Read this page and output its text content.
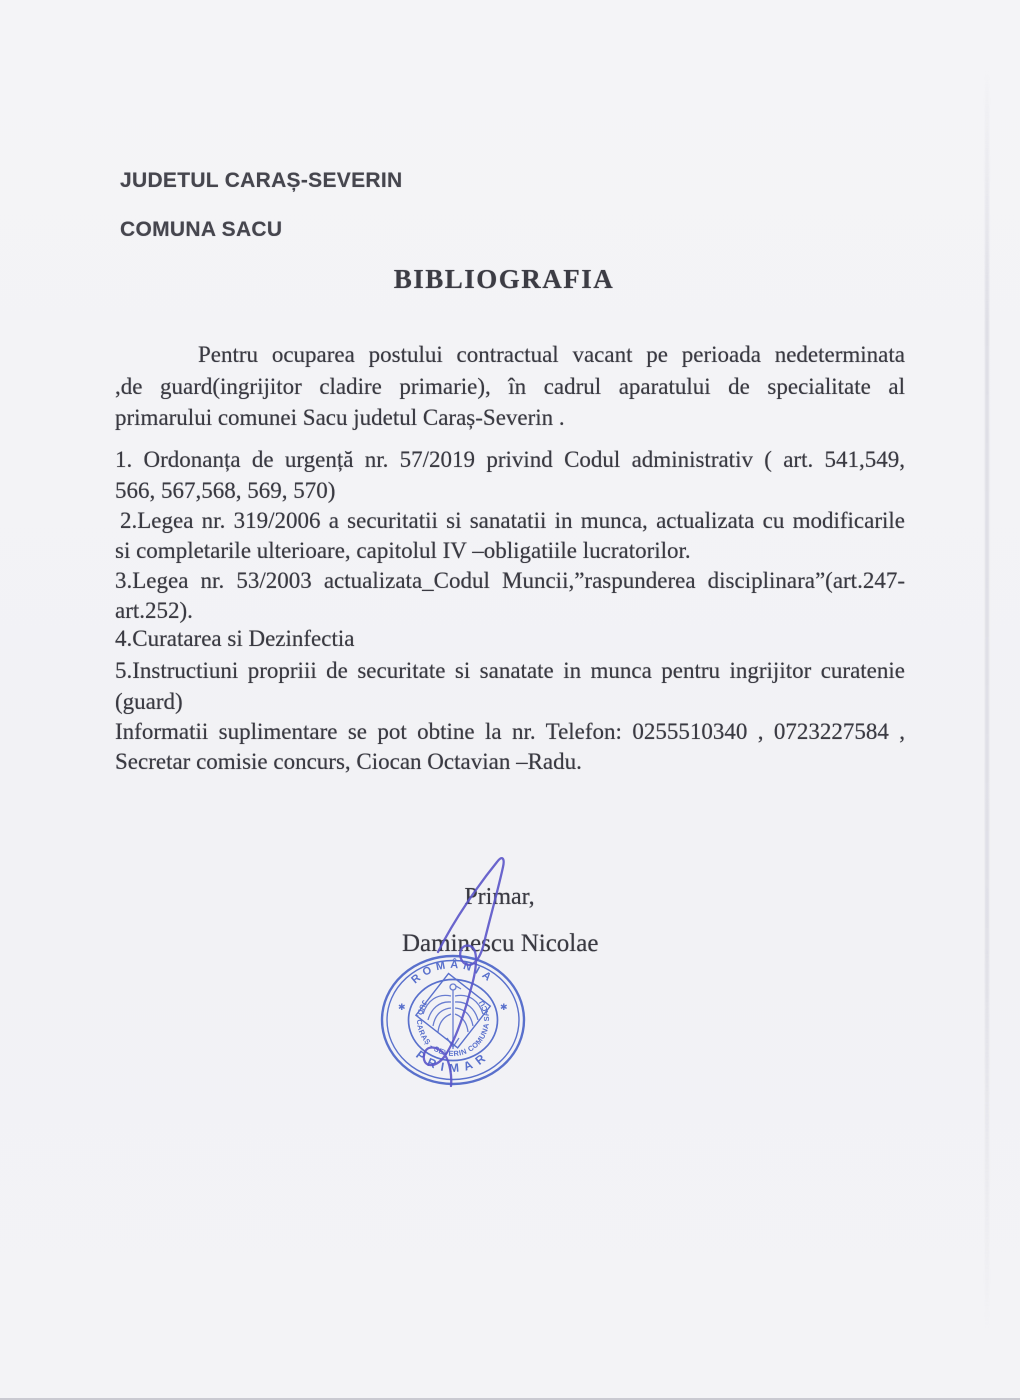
JUDETUL CARAȘ-SEVERIN
COMUNA SACU
BIBLIOGRAFIA
Pentru ocuparea postului contractual vacant pe perioada nedeterminata
,de guard(ingrijitor cladire primarie), în cadrul aparatului de specialitate al
primarului comunei Sacu judetul Caraș-Severin .
1. Ordonanța de urgență nr. 57/2019 privind Codul administrativ ( art. 541,549,
566, 567,568, 569, 570)
2.Legea nr. 319/2006 a securitatii si sanatatii in munca, actualizata cu modificarile
si completarile ulterioare, capitolul IV –obligatiile lucratorilor.
3.Legea nr. 53/2003 actualizata_Codul Muncii,”raspunderea disciplinara”(art.247-
art.252).
4.Curatarea si Dezinfectia
5.Instructiuni propriii de securitate si sanatate in munca pentru ingrijitor curatenie
(guard)
Informatii suplimentare se pot obtine la nr. Telefon: 0255510340 , 0723227584 ,
Secretar comisie concurs, Ciocan Octavian –Radu.
Primar,
Daminescu Nicolae
ROMÂNIA
PRIMAR
JUD. CARAȘ - SEVERIN COMUNA SACU
✱	✱
